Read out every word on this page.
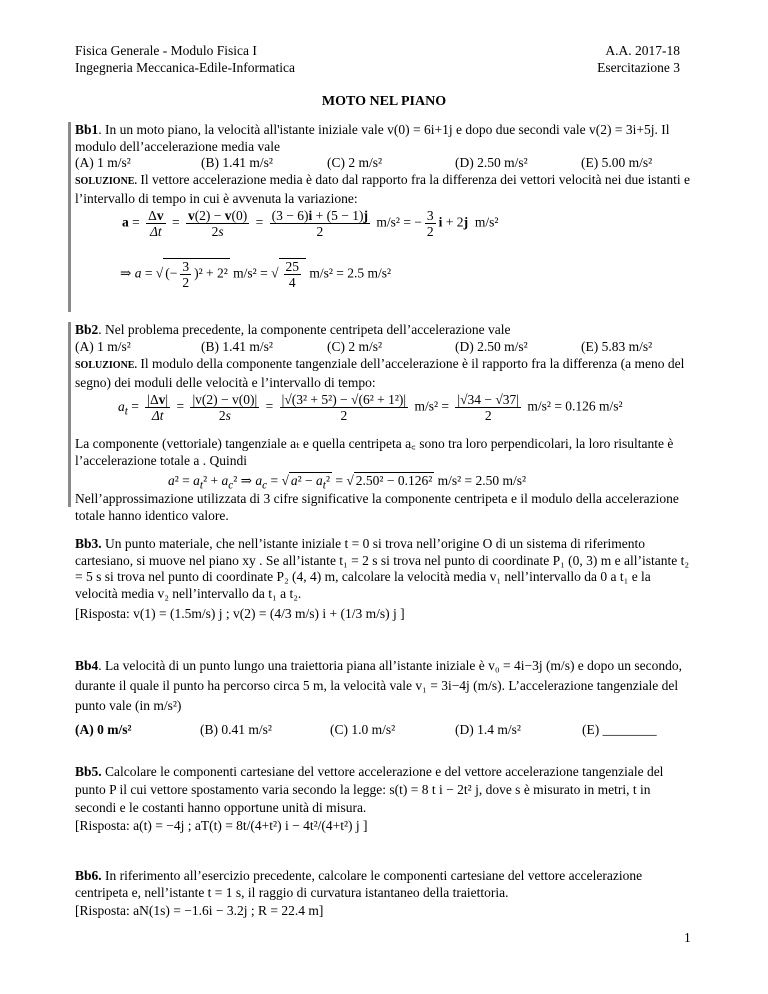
Fisica Generale - Modulo Fisica I
Ingegneria Meccanica-Edile-Informatica
A.A. 2017-18
Esercitazione 3
MOTO NEL PIANO
Bb1. In un moto piano, la velocità all'istante iniziale vale v(0) = 6i+1j e dopo due secondi vale v(2) = 3i+5j. Il modulo dell’accelerazione media vale
(A) 1 m/s²	(B) 1.41 m/s²	(C) 2 m/s²	(D) 2.50 m/s²	(E) 5.00 m/s²
SOLUZIONE. Il vettore accelerazione media è dato dal rapporto fra la differenza dei vettori velocità nei due istanti e l’intervallo di tempo in cui è avvenuta la variazione:
$a = \frac{\Delta v}{\Delta t} = \frac{v(2) - v(0)}{2s} = \frac{(3 - 6)i + (5 - 1)j}{2} m/s^2$ = − $\frac{3}{2}$ i + 2j  m/s²
⇒ a = √ (− $\frac{3}{2} )^2 + 2^2$ m/s² = √ $\frac{25}{4} m/s^2 = 2.5$ m/s²
Bb2. Nel problema precedente, la componente centripeta dell’accelerazione vale
(A) 1 m/s²	(B) 1.41 m/s²	(C) 2 m/s²	(D) 2.50 m/s²	(E) 5.83 m/s²
SOLUZIONE. Il modulo della componente tangenziale dell’accelerazione è il rapporto fra la differenza (a meno del segno) dei moduli delle velocità e l’intervallo di tempo:
$a_t = \frac{|\Delta v|}{\Delta t} = \frac{|v(2) - v(0)|}{2s} = \frac{\text{|√(3² + 5²) − √(6² + 1²)|}}{2} m/s^2 = \frac{|√34 - √37|}{2} m/s^2 = 0.126$ m/s²
La componente (vettoriale) tangenziale aₜ e quella centripeta a꜀ sono tra loro perpendicolari, la loro risultante è l’accelerazione totale a . Quindi
$a^2 = a_t^2 + a_c^2$ ⇒ $a_c$ = √ $a^2 - a_t^2$ = √ 2.50² − 0.126² m/s² = 2.50 m/s²
Nell’approssimazione utilizzata di 3 cifre significative la componente centripeta e il modulo della accelerazione totale hanno identico valore.
Bb3. Un punto materiale, che nell’istante iniziale t = 0 si trova nell’origine O di un sistema di riferimento cartesiano, si muove nel piano xy . Se all’istante t₁ = 2 s si trova nel punto di coordinate P₁ (0, 3) m e all’istante t₂ = 5 s si trova nel punto di coordinate P₂ (4, 4) m, calcolare la velocità media v₁ nell’intervallo da 0 a t₁ e la velocità media v₂ nell’intervallo da t₁ a t₂.
[Risposta: v(1) = (1.5m/s) j ; v(2) = (4/3 m/s) i + (1/3 m/s) j ]
Bb4. La velocità di un punto lungo una traiettoria piana all’istante iniziale è v₀ = 4i−3j (m/s) e dopo un secondo, durante il quale il punto ha percorso circa 5 m, la velocità vale v₁ = 3i−4j (m/s). L’accelerazione tangenziale del punto vale (in m/s²)
(A) 0 m/s²	(B) 0.41 m/s²	(C) 1.0 m/s²	(D) 1.4 m/s²	(E) ________
Bb5. Calcolare le componenti cartesiane del vettore accelerazione e del vettore accelerazione tangenziale del punto P il cui vettore spostamento varia secondo la legge: s(t) = 8 t i − 2t² j, dove s è misurato in metri, t in secondi e le costanti hanno opportune unità di misura.
[Risposta: a(t) = −4j ; aT(t) = 8t/(4+t²) i − 4t²/(4+t²) j ]
Bb6. In riferimento all’esercizio precedente, calcolare le componenti cartesiane del vettore accelerazione centripeta e, nell’istante t = 1 s, il raggio di curvatura istantaneo della traiettoria.
[Risposta: aN(1s) = −1.6i − 3.2j ; R = 22.4 m]
1
